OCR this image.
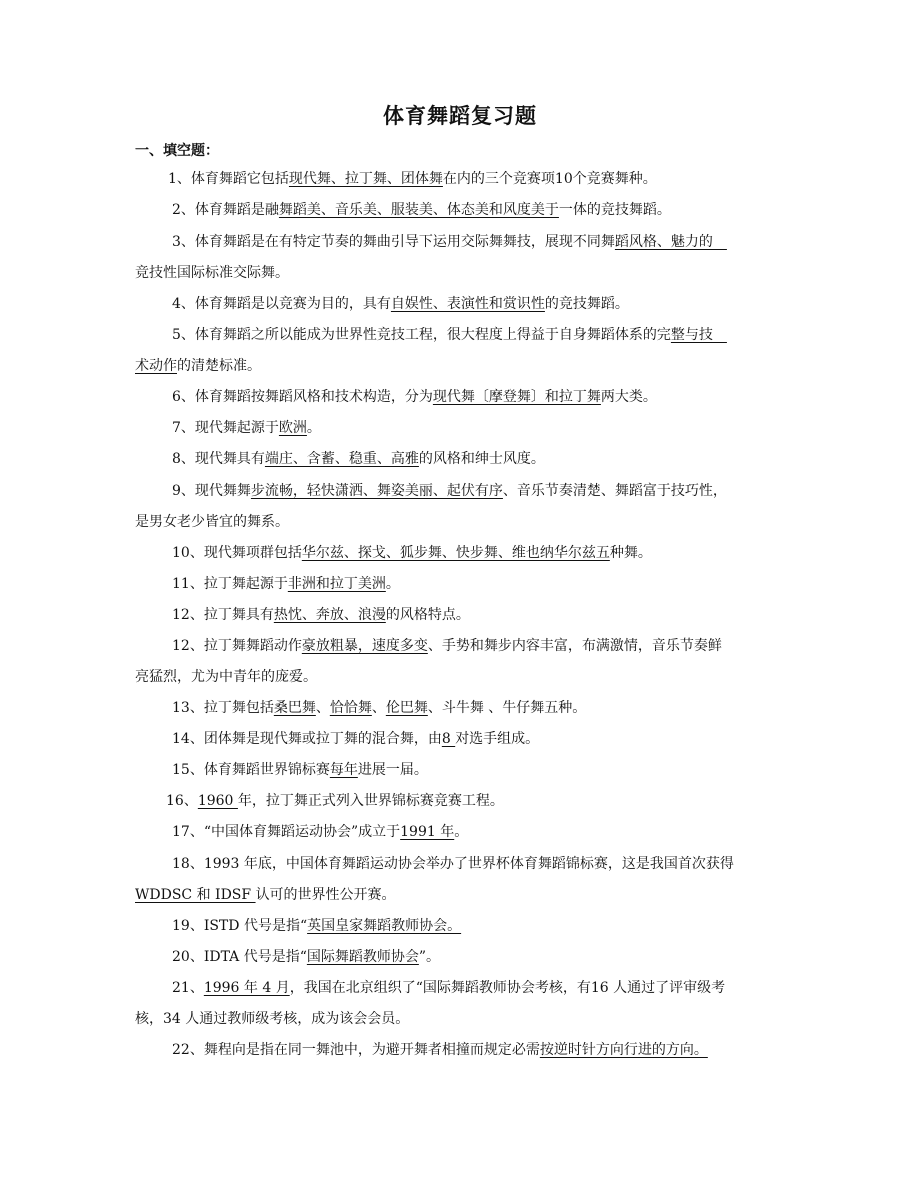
体育舞蹈复习题
一、填空题：
1、体育舞蹈它包括现代舞、拉丁舞、团体舞在内的三个竞赛项10个竞赛舞种。
2、体育舞蹈是融舞蹈美、音乐美、服装美、体态美和风度美于一体的竞技舞蹈。
3、体育舞蹈是在有特定节奏的舞曲引导下运用交际舞舞技，展现不同舞蹈风格、魅力的　
竞技性国际标准交际舞。
4、体育舞蹈是以竞赛为目的，具有自娱性、表演性和赏识性的竞技舞蹈。
5、体育舞蹈之所以能成为世界性竞技工程，很大程度上得益于自身舞蹈体系的完整与技　
术动作的清楚标准。
6、体育舞蹈按舞蹈风格和技术构造，分为现代舞〔摩登舞〕和拉丁舞两大类。
7、现代舞起源于欧洲。
8、现代舞具有端庄、含蓄、稳重、高雅的风格和绅士风度。
9、现代舞舞步流畅，轻快潇洒、舞姿美丽、起伏有序、音乐节奏清楚、舞蹈富于技巧性，
是男女老少皆宜的舞系。
10、现代舞项群包括华尔兹、探戈、狐步舞、快步舞、维也纳华尔兹五种舞。
11、拉丁舞起源于非洲和拉丁美洲。
12、拉丁舞具有热忱、奔放、浪漫的风格特点。
12、拉丁舞舞蹈动作豪放粗暴，速度多变、手势和舞步内容丰富，布满激情，音乐节奏鲜
亮猛烈，尤为中青年的庞爱。
13、拉丁舞包括桑巴舞、恰恰舞、伦巴舞、斗牛舞 、牛仔舞五种。
14、团体舞是现代舞或拉丁舞的混合舞，由8 对选手组成。
15、体育舞蹈世界锦标赛每年进展一届。
16、1960 年，拉丁舞正式列入世界锦标赛竞赛工程。
17、“中国体育舞蹈运动协会”成立于1991 年。
18、1993 年底，中国体育舞蹈运动协会举办了世界杯体育舞蹈锦标赛，这是我国首次获得
WDDSC 和 IDSF 认可的世界性公开赛。
19、ISTD 代号是指“英国皇家舞蹈教师协会。
20、IDTA 代号是指“国际舞蹈教师协会”。
21、1996 年 4 月，我国在北京组织了“国际舞蹈教师协会考核，有16 人通过了评审级考
核，34 人通过教师级考核，成为该会会员。
22、舞程向是指在同一舞池中，为避开舞者相撞而规定必需按逆时针方向行进的方向。
